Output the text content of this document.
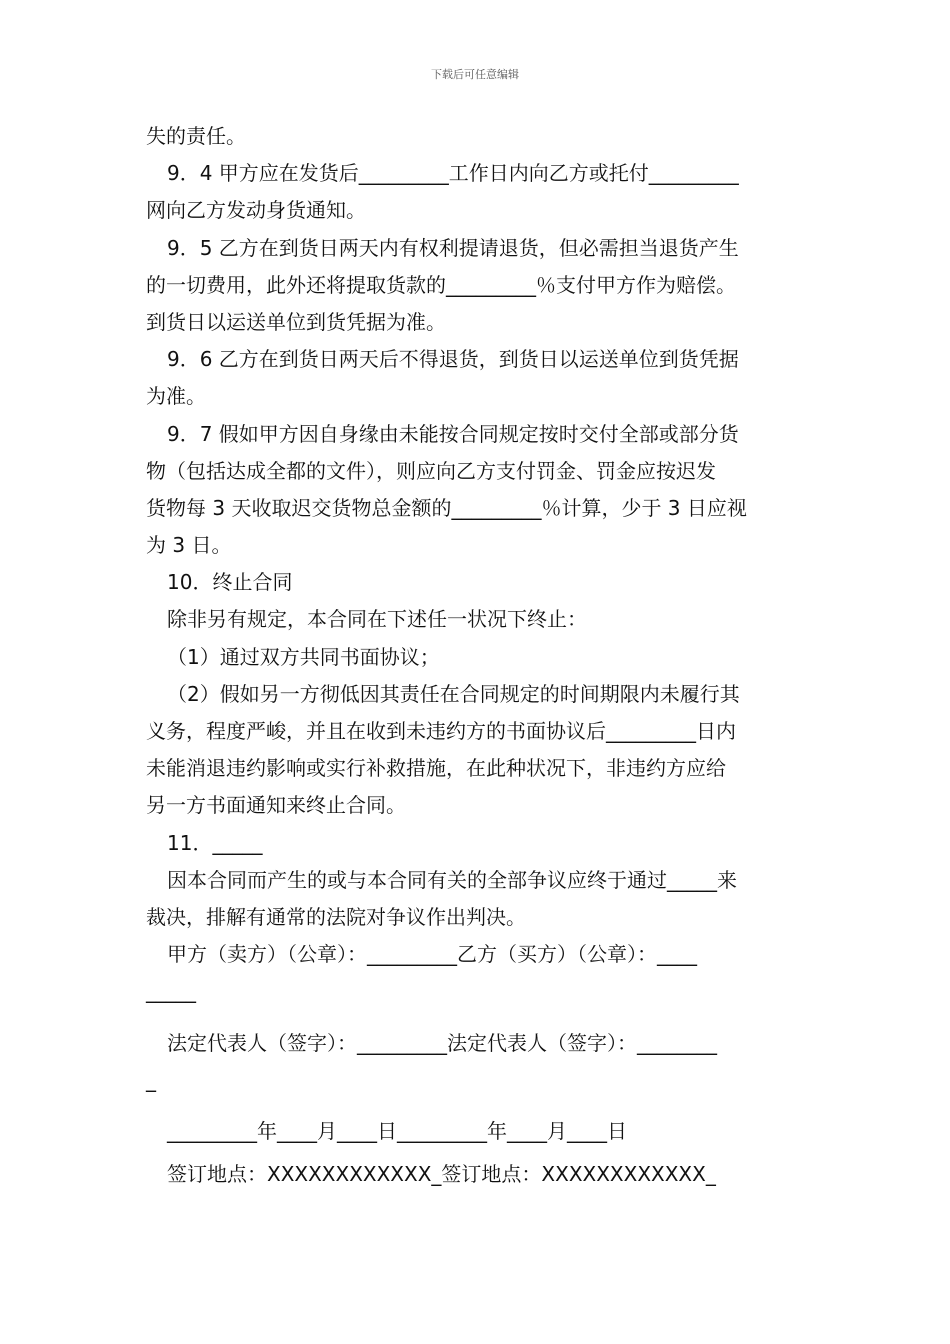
下载后可任意编辑
失的责任。
9．4 甲方应在发货后_________工作日内向乙方或托付_________
网向乙方发动身货通知。
9．5 乙方在到货日两天内有权利提请退货，但必需担当退货产生
的一切费用，此外还将提取货款的_________％支付甲方作为赔偿。
到货日以运送单位到货凭据为准。
9．6 乙方在到货日两天后不得退货，到货日以运送单位到货凭据
为准。
9．7 假如甲方因自身缘由未能按合同规定按时交付全部或部分货
物（包括达成全都的文件），则应向乙方支付罚金、罚金应按迟发
货物每 3 天收取迟交货物总金额的_________％计算，少于 3 日应视
为 3 日。
10．终止合同
除非另有规定，本合同在下述任一状况下终止：
（1）通过双方共同书面协议；
（2）假如另一方彻低因其责任在合同规定的时间期限内未履行其
义务，程度严峻，并且在收到未违约方的书面协议后_________日内
未能消退违约影响或实行补救措施，在此种状况下，非违约方应给
另一方书面通知来终止合同。
11．_____
因本合同而产生的或与本合同有关的全部争议应终于通过_____来
裁决，排解有通常的法院对争议作出判决。
甲方（卖方）（公章）：_________乙方（买方）（公章）：____
_____
法定代表人（签字）：_________法定代表人（签字）：________
_
_________年____月____日_________年____月____日
签订地点：XXXXXXXXXXXX_签订地点：XXXXXXXXXXXX_
